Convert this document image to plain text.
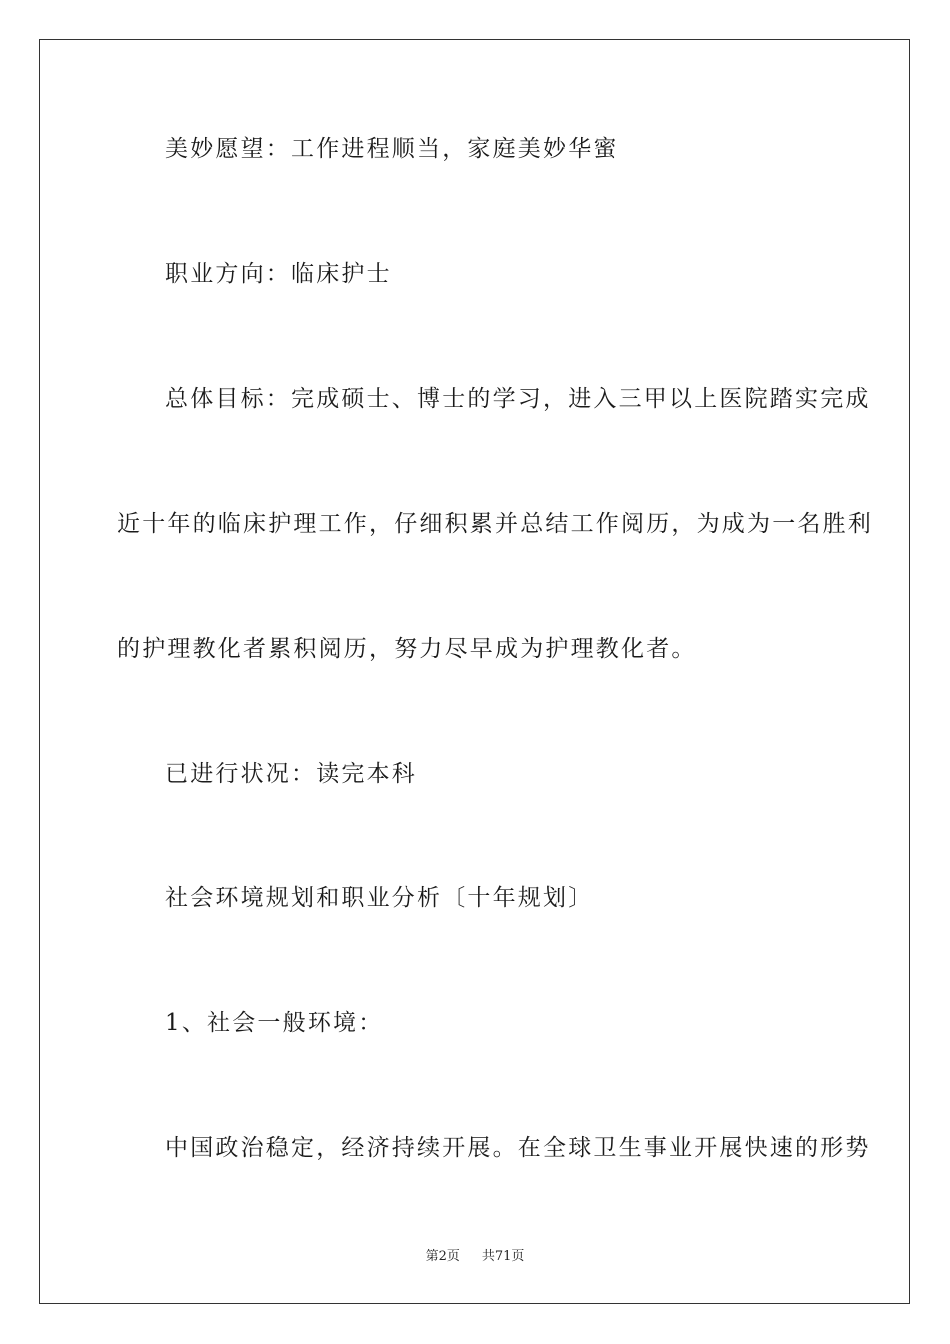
美妙愿望：工作进程顺当，家庭美妙华蜜
职业方向：临床护士
总体目标：完成硕士、博士的学习，进入三甲以上医院踏实完成
近十年的临床护理工作，仔细积累并总结工作阅历，为成为一名胜利
的护理教化者累积阅历，努力尽早成为护理教化者。
已进行状况：读完本科
社会环境规划和职业分析〔十年规划〕
1、社会一般环境：
中国政治稳定，经济持续开展。在全球卫生事业开展快速的形势
第2页 共71页
